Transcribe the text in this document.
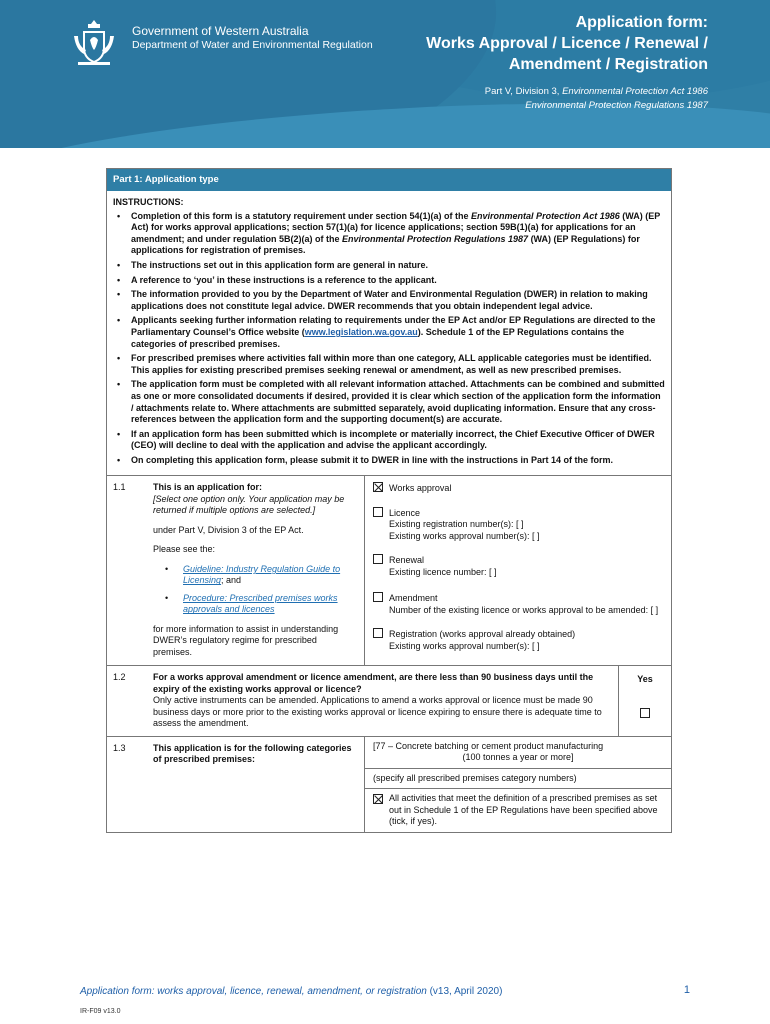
Government of Western Australia
Department of Water and Environmental Regulation
Application form:
Works Approval / Licence / Renewal /
Amendment / Registration
Part V, Division 3, Environmental Protection Act 1986
Environmental Protection Regulations 1987
Part 1: Application type
INSTRUCTIONS:
• Completion of this form is a statutory requirement under section 54(1)(a) of the Environmental Protection Act 1986 (WA) (EP Act) for works approval applications; section 57(1)(a) for licence applications; section 59B(1)(a) for applications for an amendment; and under regulation 5B(2)(a) of the Environmental Protection Regulations 1987 (WA) (EP Regulations) for applications for registration of premises.
• The instructions set out in this application form are general in nature.
• A reference to ‘you’ in these instructions is a reference to the applicant.
• The information provided to you by the Department of Water and Environmental Regulation (DWER) in relation to making applications does not constitute legal advice. DWER recommends that you obtain independent legal advice.
• Applicants seeking further information relating to requirements under the EP Act and/or EP Regulations are directed to the Parliamentary Counsel’s Office website (www.legislation.wa.gov.au). Schedule 1 of the EP Regulations contains the categories of prescribed premises.
• For prescribed premises where activities fall within more than one category, ALL applicable categories must be identified. This applies for existing prescribed premises seeking renewal or amendment, as well as new prescribed premises.
• The application form must be completed with all relevant information attached. Attachments can be combined and submitted as one or more consolidated documents if desired, provided it is clear which section of the application form the information / attachments relate to. Where attachments are submitted separately, avoid duplicating information. Ensure that any cross-references between the application form and the supporting document(s) are accurate.
• If an application form has been submitted which is incomplete or materially incorrect, the Chief Executive Officer of DWER (CEO) will decline to deal with the application and advise the applicant accordingly.
• On completing this application form, please submit it to DWER in line with the instructions in Part 14 of the form.
1.1	This is an application for:
[Select one option only. Your application may be returned if multiple options are selected.]
under Part V, Division 3 of the EP Act.
Please see the:
• Guideline: Industry Regulation Guide to Licensing; and
• Procedure: Prescribed premises works approvals and licences
for more information to assist in understanding DWER’s regulatory regime for prescribed premises.
Works approval
Licence
Existing registration number(s): [ ]
Existing works approval number(s): [ ]
Renewal
Existing licence number: [ ]
Amendment
Number of the existing licence or works approval to be amended: [ ]
Registration (works approval already obtained)
Existing works approval number(s): [ ]
1.2	For a works approval amendment or licence amendment, are there less than 90 business days until the expiry of the existing works approval or licence?
Only active instruments can be amended. Applications to amend a works approval or licence must be made 90 business days or more prior to the existing works approval or licence expiring to ensure there is adequate time to assess the amendment.
Yes
1.3	This application is for the following categories of prescribed premises:
[77 – Concrete batching or cement product manufacturing
(100 tonnes a year or more]
(specify all prescribed premises category numbers)
All activities that meet the definition of a prescribed premises as set out in Schedule 1 of the EP Regulations have been specified above (tick, if yes).
Application form: works approval, licence, renewal, amendment, or registration (v13, April 2020)	1
IR-F09 v13.0
